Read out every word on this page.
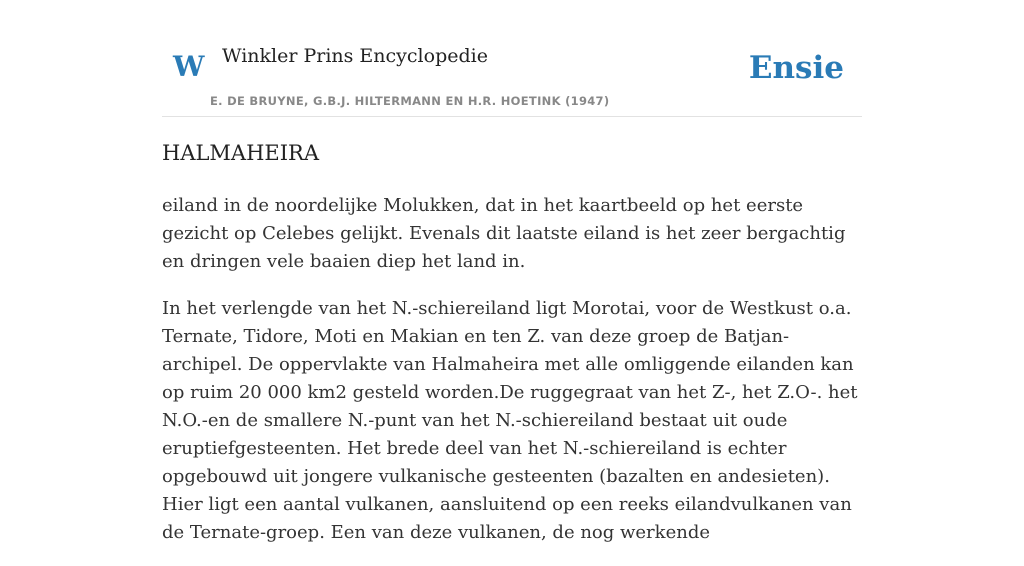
W Winkler Prins Encyclopedie
E. DE BRUYNE, G.B.J. HILTERMANN EN H.R. HOETINK (1947)
Ensie
HALMAHEIRA

eiland in de noordelijke Molukken, dat in het kaartbeeld op het eerste gezicht op Celebes gelijkt. Evenals dit laatste eiland is het zeer bergachtig en dringen vele baaien diep het land in.

In het verlengde van het N.-schiereiland ligt Morotai, voor de Westkust o.a. Ternate, Tidore, Moti en Makian en ten Z. van deze groep de Batjan-archipel. De oppervlakte van Halmaheira met alle omliggende eilanden kan op ruim 20 000 km2 gesteld worden.De ruggegraat van het Z-, het Z.O-. het N.O.-en de smallere N.-punt van het N.-schiereiland bestaat uit oude eruptiefgesteenten. Het brede deel van het N.-schiereiland is echter opgebouwd uit jongere vulkanische gesteenten (bazalten en andesieten). Hier ligt een aantal vulkanen, aansluitend op een reeks eilandvulkanen van de Ternate-groep. Een van deze vulkanen, de nog werkende
